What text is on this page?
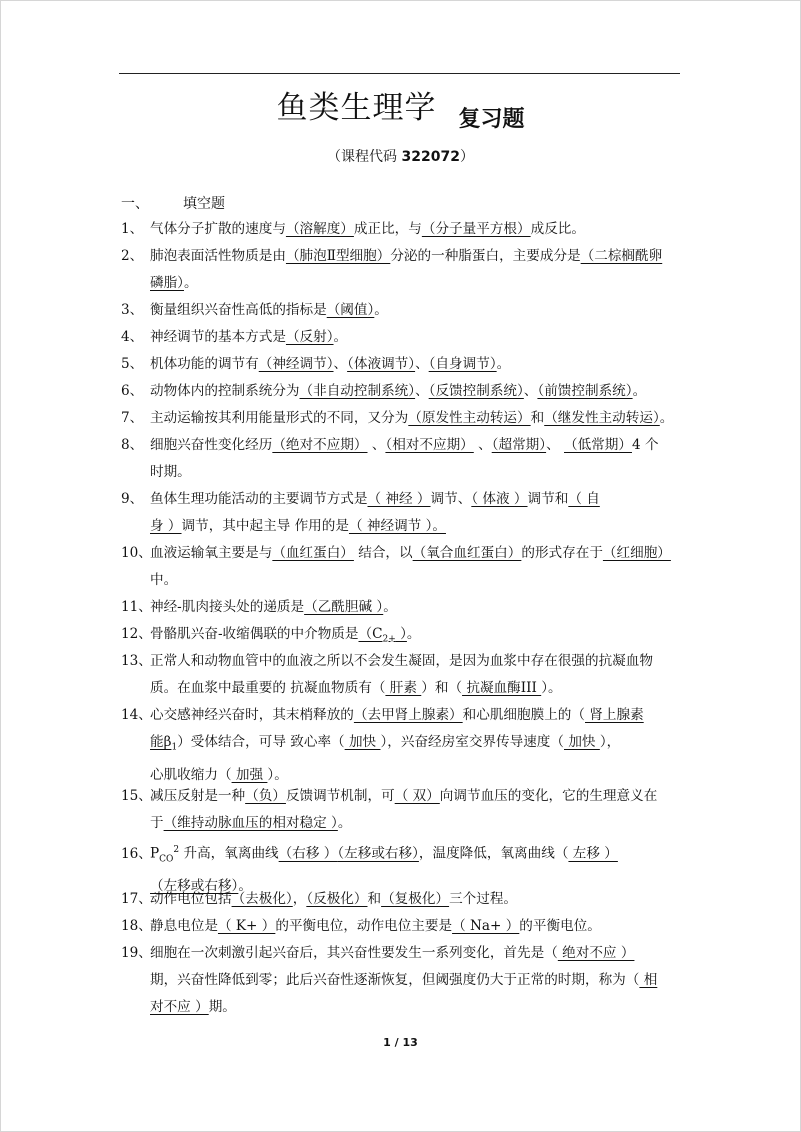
鱼类生理学 复习题
（课程代码 322072）
一、 填空题
1、 气体分子扩散的速度与（溶解度）成正比，与（分子量平方根）成反比。
2、 肺泡表面活性物质是由（肺泡Ⅱ型细胞）分泌的一种脂蛋白，主要成分是（二棕榈酰卵
磷脂）。
3、 衡量组织兴奋性高低的指标是（阈值）。
4、 神经调节的基本方式是（反射）。
5、 机体功能的调节有（神经调节）、（体液调节）、（自身调节）。
6、 动物体内的控制系统分为（非自动控制系统）、（反馈控制系统）、（前馈控制系统）。
7、 主动运输按其利用能量形式的不同，又分为（原发性主动转运）和（继发性主动转运）。
8、 细胞兴奋性变化经历（绝对不应期） 、（相对不应期） 、（超常期）、 （低常期）4 个
时期。
9、 鱼体生理功能活动的主要调节方式是（ 神经 ）调节、（ 体液 ）调节和（ 自
身 ）调节，其中起主导 作用的是（ 神经调节 ）。
10、血液运输氧主要是与（血红蛋白） 结合，以（氧合血红蛋白）的形式存在于（红细胞）
中。
11、神经-肌肉接头处的递质是（乙酰胆碱 ）。
12、骨骼肌兴奋-收缩偶联的中介物质是（$C_{2+}$ ）。
13、正常人和动物血管中的血液之所以不会发生凝固，是因为血浆中存在很强的抗凝血物
质。在血浆中最重要的 抗凝血物质有（ 肝素 ）和（ 抗凝血酶III ）。
14、心交感神经兴奋时，其末梢释放的（去甲肾上腺素）和心肌细胞膜上的（ 肾上腺素
能$\beta_1$）受体结合，可导 致心率（ 加快 ），兴奋经房室交界传导速度（ 加快 ），
心肌收缩力（ 加强 ）。
15、减压反射是一种（负）反馈调节机制，可（ 双）向调节血压的变化，它的生理意义在
于（维持动脉血压的相对稳定 ）。
16、$P_{CO}^2$ 升高，氧离曲线（右移 ）（左移或右移），温度降低，氧离曲线（ 左移 ）
（左移或右移）。
17、动作电位包括（去极化），（反极化）和（复极化）三个过程。
18、静息电位是（ K+ ）的平衡电位，动作电位主要是（ Na+ ）的平衡电位。
19、细胞在一次刺激引起兴奋后，其兴奋性要发生一系列变化，首先是（ 绝对不应 ）
期，兴奋性降低到零；此后兴奋性逐渐恢复，但阈强度仍大于正常的时期，称为（ 相
对不应 ）期。
1 / 13
